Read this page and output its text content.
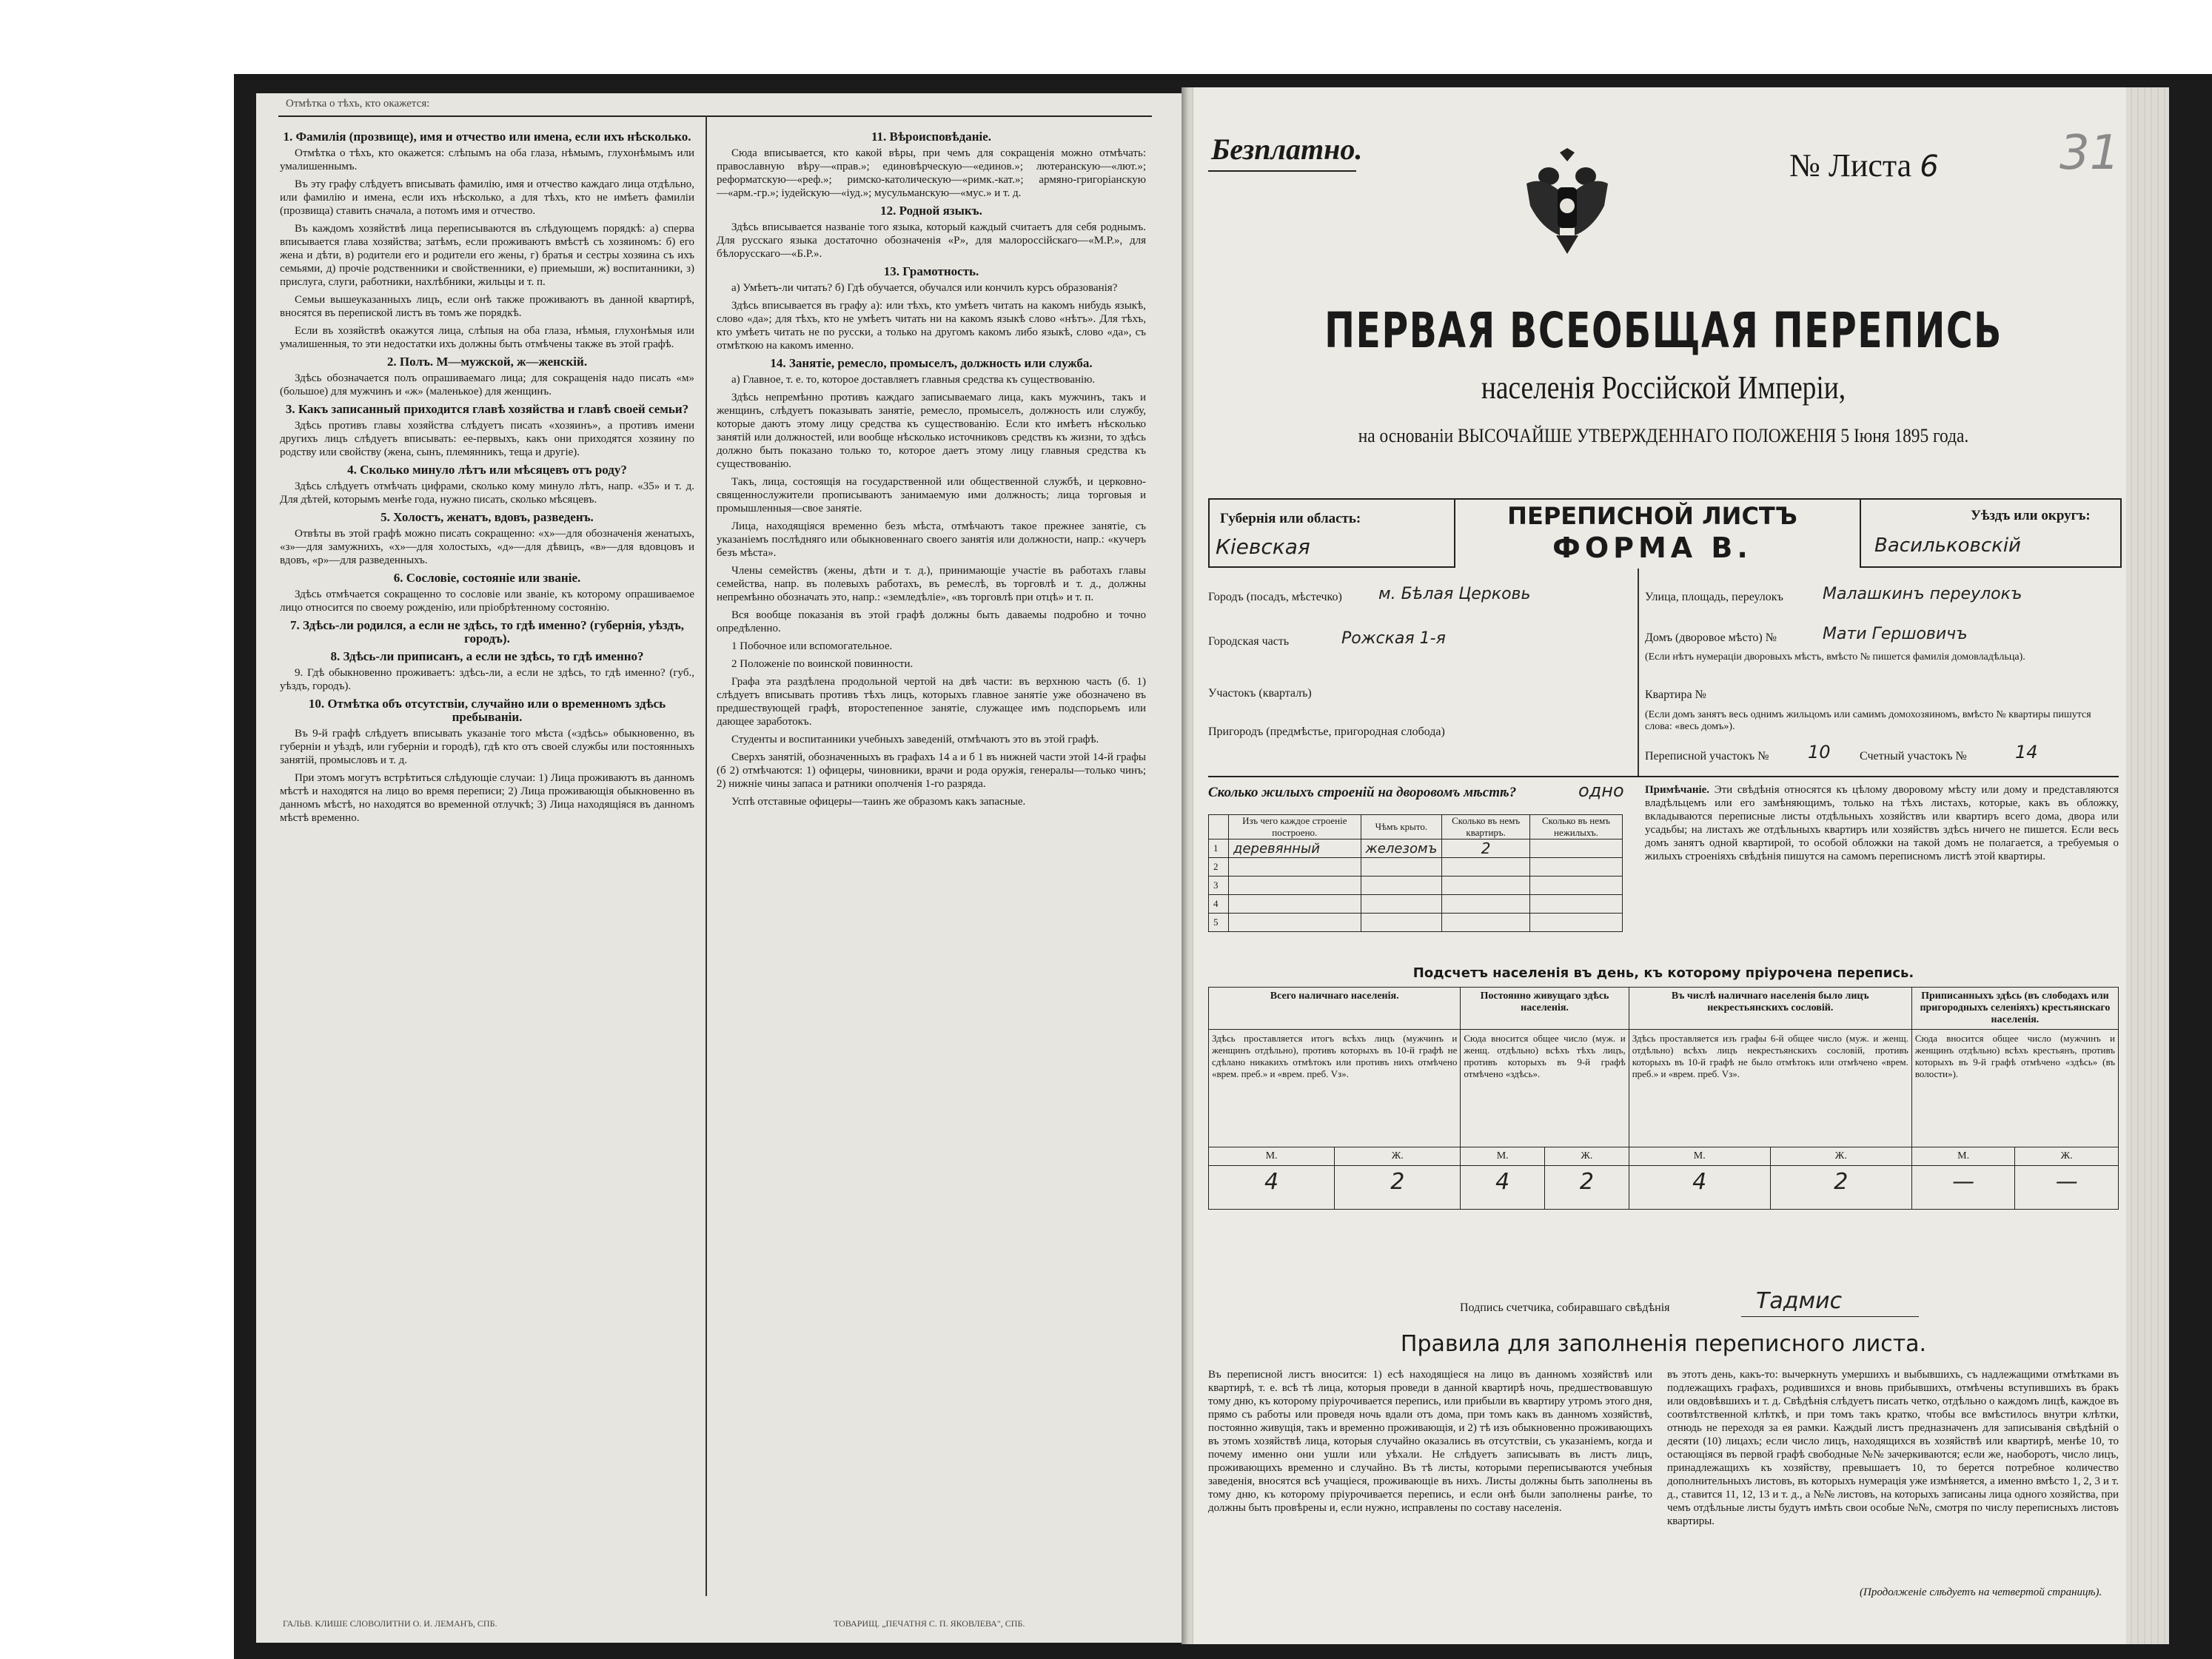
Отмѣтка о тѣхъ, кто окажется:
1. Фамилія (прозвище), имя и отчество или имена, если ихъ нѣсколько.

Отмѣтка о тѣхъ, кто окажется: слѣпымъ на оба глаза, нѣмымъ, глухонѣмымъ или умалишеннымъ.

Въ эту графу слѣдуетъ вписывать фамилію, имя и отчество каждаго лица отдѣльно, или фамилію и имена, если ихъ нѣсколько, а для тѣхъ, кто не имѣетъ фамиліи (прозвища) ставить сначала, а потомъ имя и отчество.

Въ каждомъ хозяйствѣ лица переписываются въ слѣдующемъ порядкѣ: а) сперва вписывается глава хозяйства; затѣмъ, если проживаютъ вмѣстѣ съ хозяиномъ: б) его жена и дѣти, в) родители его и родители его жены, г) братья и сестры хозяина съ ихъ семьями, д) прочіе родственники и свойственники, е) приемыши, ж) воспитанники, з) прислуга, слуги, работники, нахлѣбники, жильцы и т. п.

Семьи вышеуказанныхъ лицъ, если онѣ также проживаютъ въ данной квартирѣ, вносятся въ перепиской листъ въ томъ же порядкѣ.

Если въ хозяйствѣ окажутся лица, слѣпыя на оба глаза, нѣмыя, глухонѣмыя или умалишенныя, то эти недостатки ихъ должны быть отмѣчены также въ этой графѣ.

2. Полъ. М—мужской, ж—женскій.

Здѣсь обозначается полъ опрашиваемаго лица; для сокращенія надо писать «м» (большое) для мужчинъ и «ж» (маленькое) для женщинъ.

3. Какъ записанный приходится главѣ хозяйства и главѣ своей семьи?

Здѣсь противъ главы хозяйства слѣдуетъ писать «хозяинъ», а противъ имени другихъ лицъ слѣдуетъ вписывать: ее-первыхъ, какъ они приходятся хозяину по родству или свойству (жена, сынъ, племянникъ, теща и другіе).

4. Сколько минуло лѣтъ или мѣсяцевъ отъ роду?

Здѣсь слѣдуетъ отмѣчать цифрами, сколько кому минуло лѣтъ, напр. «35» и т. д. Для дѣтей, которымъ менѣе года, нужно писать, сколько мѣсяцевъ.

5. Холостъ, женатъ, вдовъ, разведенъ.

Отвѣты въ этой графѣ можно писать сокращенно: «х»—для обозначенія женатыхъ, «з»—для замужнихъ, «х»—для холостыхъ, «д»—для дѣвицъ, «в»—для вдовцовъ и вдовъ, «р»—для разведенныхъ.

6. Сословіе, состояніе или званіе.

Здѣсь отмѣчается сокращенно то сословіе или званіе, къ которому опрашиваемое лицо относится по своему рожденію, или пріобрѣтенному состоянію.

7. Здѣсь-ли родился, а если не здѣсь, то гдѣ именно? (губернія, уѣздъ, городъ).
8. Здѣсь-ли приписанъ, а если не здѣсь, то гдѣ именно?

9. Гдѣ обыкновенно проживаетъ: здѣсь-ли, а если не здѣсь, то гдѣ именно? (губ., уѣздъ, городъ).

10. Отмѣтка объ отсутствіи, случайно или о временномъ здѣсь пребываніи.

Въ 9-й графѣ слѣдуетъ вписывать указаніе того мѣста («здѣсь» обыкновенно, въ губерніи и уѣздѣ, или губерніи и городѣ), гдѣ кто отъ своей службы или постоянныхъ занятій, промысловъ и т. д.

При этомъ могутъ встрѣтиться слѣдующіе случаи: 1) Лица проживаютъ въ данномъ мѣстѣ и находятся на лицо во время переписи; 2) Лица проживающія обыкновенно въ данномъ мѣстѣ, но находятся во временной отлучкѣ; 3) Лица находящіяся въ данномъ мѣстѣ временно.

11. Вѣроисповѣданіе.

Сюда вписывается, кто какой вѣры, при чемъ для сокращенія можно отмѣчать: православную вѣру—«прав.»; единовѣрческую—«единов.»; лютеранскую—«лют.»; реформатскую—«реф.»; римско-католическую—«римк.-кат.»; армяно-григоріанскую—«арм.-гр.»; іудейскую—«іуд.»; мусульманскую—«мус.» и т. д.

12. Родной языкъ.

Здѣсь вписывается названіе того языка, который каждый считаетъ для себя роднымъ. Для русскаго языка достаточно обозначенія «Р», для малороссійскаго—«М.Р.», для бѣлорусскаго—«Б.Р.».

13. Грамотность.

а) Умѣетъ-ли читать? б) Гдѣ обучается, обучался или кончилъ курсъ образованія?

Здѣсь вписывается въ графу а): или тѣхъ, кто умѣетъ читать на какомъ нибудь языкѣ, слово «да»; для тѣхъ, кто не умѣетъ читать ни на какомъ языкѣ слово «нѣтъ». Для тѣхъ, кто умѣетъ читать не по русски, а только на другомъ какомъ либо языкѣ, слово «да», съ отмѣткою на какомъ именно.

14. Занятіе, ремесло, промыселъ, должность или служба.

а) Главное, т. е. то, которое доставляетъ главныя средства къ существованію.

Здѣсь непремѣнно противъ каждаго записываемаго лица, какъ мужчинъ, такъ и женщинъ, слѣдуетъ показывать занятіе, ремесло, промыселъ, должность или службу, которые даютъ этому лицу средства къ существованію. Если кто имѣетъ нѣсколько занятій или должностей, или вообще нѣсколько источниковъ средствъ къ жизни, то здѣсь должно быть показано только то, которое даетъ этому лицу главныя средства къ существованію.

Такъ, лица, состоящія на государственной или общественной службѣ, и церковно-священнослужители прописываютъ занимаемую ими должность; лица торговыя и промышленныя—свое занятіе.

Лица, находящіяся временно безъ мѣста, отмѣчаютъ такое прежнее занятіе, съ указаніемъ послѣдняго или обыкновеннаго своего занятія или должности, напр.: «кучеръ безъ мѣста».

Члены семействъ (жены, дѣти и т. д.), принимающіе участіе въ работахъ главы семейства, напр. въ полевыхъ работахъ, въ ремеслѣ, въ торговлѣ и т. д., должны непремѣнно обозначать это, напр.: «земледѣліе», «въ торговлѣ при отцѣ» и т. п.

Вся вообще показанія въ этой графѣ должны быть даваемы подробно и точно опредѣленно.

1 Побочное или вспомогательное.

2 Положеніе по воинской повинности.

Графа эта раздѣлена продольной чертой на двѣ части: въ верхнюю часть (б. 1) слѣдуетъ вписывать противъ тѣхъ лицъ, которыхъ главное занятіе уже обозначено въ предшествующей графѣ, второстепенное занятіе, служащее имъ подспорьемъ или дающее заработокъ.

Студенты и воспитанники учебныхъ заведеній, отмѣчаютъ это въ этой графѣ.

Сверхъ занятій, обозначенныхъ въ графахъ 14 а и б 1 въ нижней части этой 14-й графы (б 2) отмѣчаются: 1) офицеры, чиновники, врачи и рода оружія, генералы—только чинъ; 2) нижніе чины запаса и ратники ополченія 1-го разряда.

Успѣ отставные офицеры—таинъ же образомъ какъ запасные.

ГАЛЬВ. КЛИШЕ СЛОВОЛИТНИ О. И. ЛЕМАНЪ, СПБ.	ТОВАРИЩ. „ПЕЧАТНЯ С. П. ЯКОВЛЕВА", СПБ.
Безплатно.	№ Листа 6	31
ПЕРВАЯ ВСЕОБЩАЯ ПЕРЕПИСЬ
населенія Россійской Имперіи,
на основаніи ВЫСОЧАЙШЕ УТВЕРЖДЕННАГО ПОЛОЖЕНІЯ 5 Іюня 1895 года.
Губернія или область:
Кіевская
ПЕРЕПИСНОЙ ЛИСТЪ
ФОРМА В.
Уѣздъ или округъ:
Васильковскій
Городъ (посадъ, мѣстечко) м. Бѣлая Церковь
Городская часть	Рожская 1-я
Участокъ (кварталъ)
Пригородъ (предмѣстье, пригородная слобода)
Улица, площадь, переулокъ Малашкинъ переулокъ
Домъ (дворовое мѣсто) №	Мати Гершовичъ
(Если нѣтъ нумераціи дворовыхъ мѣстъ, вмѣсто № пишется фамилія домовладѣльца).
Квартира №
(Если домъ занятъ весь однимъ жильцомъ или самимъ домохозяиномъ, вмѣсто № квартиры пишутся слова: «весь домъ»).
Переписной участокъ № 10 Счетный участокъ №	14
Сколько жилыхъ строеній на дворовомъ мѣстѣ?	одно
	Изъ чего каждое строеніе построено.	Чѣмъ крыто.	Сколько въ немъ квартиръ.	Сколько въ немъ нежилыхъ.
1	деревянный	железомъ	2	
2				
3				
4				
5				
Примѣчаніе. Эти свѣдѣнія относятся къ цѣлому дворовому мѣсту или дому и представляются владѣльцемъ или его замѣняющимъ, только на тѣхъ листахъ, которые, какъ въ обложку, вкладываются переписные листы отдѣльныхъ хозяйствъ или квартиръ всего дома, двора или усадьбы; на листахъ же отдѣльныхъ квартиръ или хозяйствъ здѣсь ничего не пишется. Если весь домъ занятъ одной квартирой, то особой обложки на такой домъ не полагается, а требуемыя о жилыхъ строеніяхъ свѣдѣнія пишутся на самомъ переписномъ листѣ этой квартиры.
Подсчетъ населенія въ день, къ которому пріурочена перепись.
Всего наличнаго населенія.		Постоянно живущаго здѣсь населенія.		Въ числѣ наличнаго населенія было лицъ некрестьянскихъ сословій.		Приписанныхъ здѣсь (въ слободахъ или пригородныхъ селеніяхъ) крестьянскаго населенія.	
Здѣсь проставляется итогъ всѣхъ лицъ (мужчинъ и женщинъ отдѣльно), противъ которыхъ въ 10-й графѣ не сдѣлано никакихъ отмѣтокъ или противъ нихъ отмѣчено «врем. преб.» и «врем. преб. Vз».		Сюда вносится общее число (муж. и женщ. отдѣльно) всѣхъ тѣхъ лицъ, противъ которыхъ въ 9-й графѣ отмѣчено «здѣсь».		Здѣсь проставляется изъ графы 6-й общее число (муж. и женщ. отдѣльно) всѣхъ лицъ некрестьянскихъ сословій, противъ которыхъ въ 10-й графѣ не было отмѣтокъ или отмѣчено «врем. преб.» и «врем. преб. Vз».		Сюда вносится общее число (мужчинъ и женщинъ отдѣльно) всѣхъ крестьянъ, противъ которыхъ въ 9-й графѣ отмѣчено «здѣсь» (въ волости»).	
М.	Ж.	М.	Ж.	М.	Ж.	М.	Ж.
4	2	4	2	4	2	—	—
Подпись счетчика, собиравшаго свѣдѣнія	Тадмис
Правила для заполненія переписного листа.
Въ переписной листъ вносится: 1) есѣ находящіеся на лицо въ данномъ хозяйствѣ или квартирѣ, т. е. всѣ тѣ лица, которыя проведи в данной квартирѣ ночь, предшествовавшую тому дню, къ которому пріурочивается перепись, или прибыли въ квартиру утромъ этого дня, прямо съ работы или проведя ночь вдали отъ дома, при томъ какъ въ данномъ хозяйствѣ, постоянно живущія, такъ и временно проживающія, и 2) тѣ изъ обыкновенно проживающихъ въ этомъ хозяйствѣ лица, которыя случайно оказались въ отсутствіи, съ указаніемъ, когда и почему именно они ушли или уѣхали. Не слѣдуетъ записывать въ листъ лицъ, проживающихъ временно и случайно. Въ тѣ листы, которыми переписываются учебныя заведенія, вносятся всѣ учащіеся, проживающіе въ нихъ. Листы должны быть заполнены въ тому дню, къ которому пріурочивается перепись, и если онѣ были заполнены ранѣе, то должны быть провѣрены и, если нужно, исправлены по составу населенія.
въ этотъ день, какъ-то: вычеркнуть умершихъ и выбывшихъ, съ надлежащими отмѣтками въ подлежащихъ графахъ, родившихся и вновь прибывшихъ, отмѣчены вступившихъ въ бракъ или овдовѣвшихъ и т. д. Свѣдѣнія слѣдуетъ писать четко, отдѣльно о каждомъ лицѣ, каждое въ соотвѣтственной клѣткѣ, и при томъ такъ кратко, чтобы все вмѣстилось внутри клѣтки, отнюдь не переходя за ея рамки. Каждый листъ предназначенъ для записыванія свѣдѣній о десяти (10) лицахъ; если число лицъ, находящихся въ хозяйствѣ или квартирѣ, менѣе 10, то остающіяся въ первой графѣ свободные №№ зачеркиваются; если же, наоборотъ, число лицъ, принадлежащихъ къ хозяйству, превышаетъ 10, то берется потребное количество дополнительныхъ листовъ, въ которыхъ нумерація уже измѣняется, а именно вмѣсто 1, 2, 3 и т. д., ставится 11, 12, 13 и т. д., а №№ листовъ, на которыхъ записаны лица одного хозяйства, при чемъ отдѣльные листы будутъ имѣть свои особые №№, смотря по числу переписныхъ листовъ квартиры.
(Продолженіе слѣдуетъ на четвертой страницѣ).
